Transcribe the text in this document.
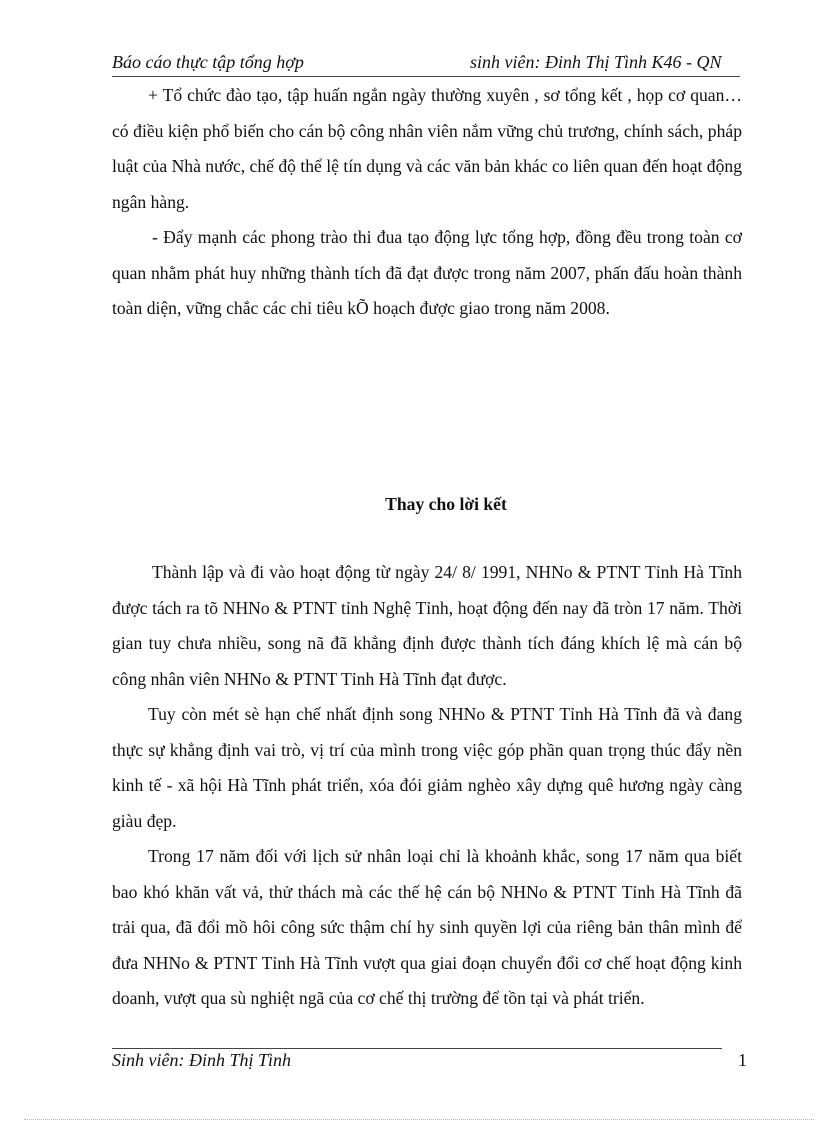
Báo cáo thực tập tổng hợp	sinh viên: Đinh Thị Tình K46 - QN

+ Tổ chức đào tạo, tập huấn ngắn ngày thường xuyên , sơ tổng kết , họp cơ quan… có điều kiện phổ biến cho cán bộ công nhân viên nắm vững chủ trương, chính sách, pháp luật của Nhà nước, chế độ thể lệ tín dụng và các văn bản khác co liên quan đến hoạt động ngân hàng.

- Đẩy mạnh các phong trào thi đua tạo động lực tổng hợp, đồng đều trong toàn cơ quan nhằm phát huy những thành tích đã đạt được trong năm 2007, phấn đấu hoàn thành toàn diện, vững chắc các chỉ tiêu kÕ hoạch được giao trong năm 2008.

Thay cho lời kết

Thành lập và đi vào hoạt động từ ngày 24/ 8/ 1991, NHNo & PTNT Tỉnh Hà Tĩnh được tách ra tõ NHNo & PTNT tỉnh Nghệ Tỉnh, hoạt động đến nay đã tròn 17 năm. Thời gian tuy chưa nhiều, song nã đã khẳng định được thành tích đáng khích lệ mà cán bộ công nhân viên NHNo & PTNT Tỉnh Hà Tĩnh đạt được.

Tuy còn mét sè hạn chế nhất định song NHNo & PTNT Tỉnh Hà Tĩnh đã và đang thực sự khẳng định vai trò, vị trí của mình trong việc góp phần quan trọng thúc đẩy nền kinh tế - xã hội Hà Tĩnh phát triển, xóa đói giảm nghèo xây dựng quê hương ngày càng giàu đẹp.

Trong 17 năm đối với lịch sử nhân loại chỉ là khoảnh khắc, song 17 năm qua biết bao khó khăn vất vả, thử thách mà các thế hệ cán bộ NHNo & PTNT Tỉnh Hà Tĩnh đã trải qua, đã đổi mồ hôi công sức thậm chí hy sinh quyền lợi của riêng bản thân mình để đưa NHNo & PTNT Tỉnh Hà Tĩnh vượt qua giai đoạn chuyển đổi cơ chế hoạt động kinh doanh, vượt qua sù nghiệt ngã của cơ chế thị trường để tồn tại và phát triển.

Sinh viên: Đinh Thị Tình	1
